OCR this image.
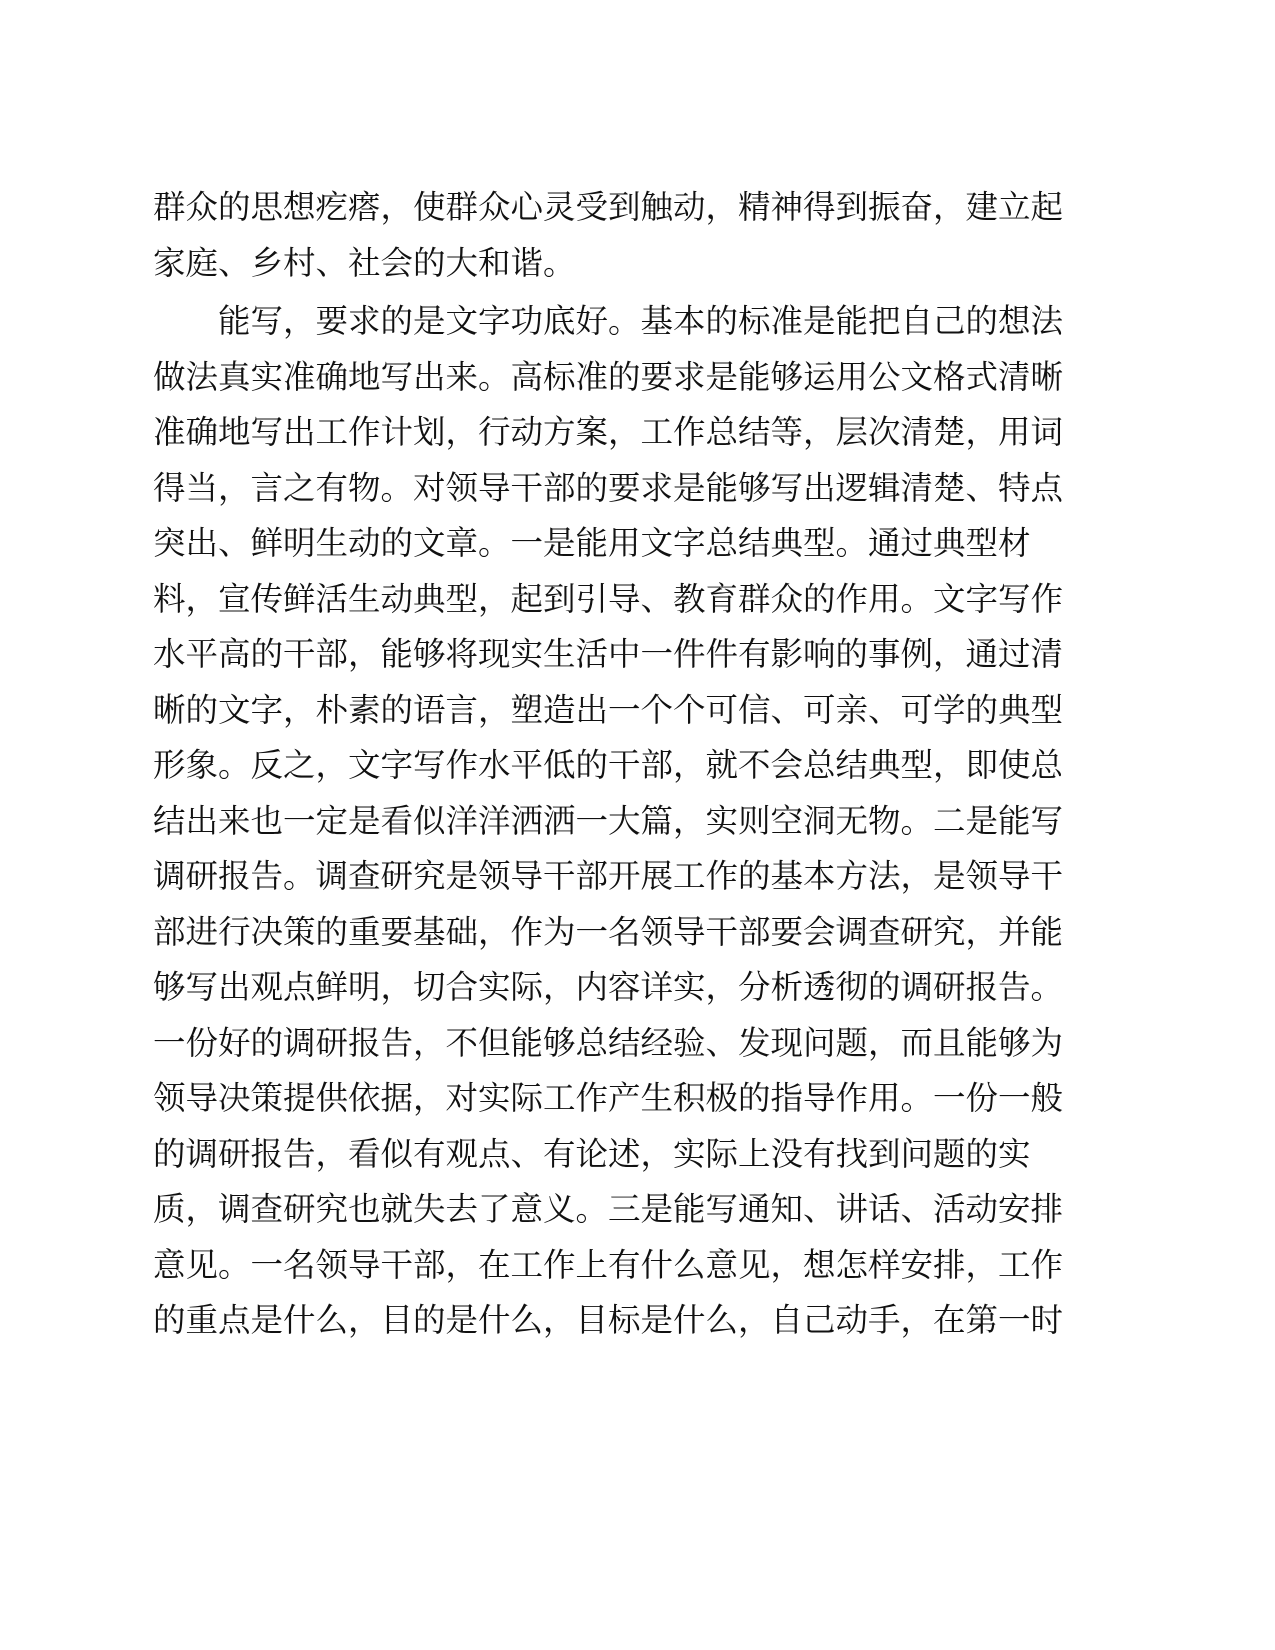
群众的思想疙瘩，使群众心灵受到触动，精神得到振奋，建立起
家庭、乡村、社会的大和谐。
　　能写，要求的是文字功底好。基本的标准是能把自己的想法
做法真实准确地写出来。高标准的要求是能够运用公文格式清晰
准确地写出工作计划，行动方案，工作总结等，层次清楚，用词
得当，言之有物。对领导干部的要求是能够写出逻辑清楚、特点
突出、鲜明生动的文章。一是能用文字总结典型。通过典型材
料，宣传鲜活生动典型，起到引导、教育群众的作用。文字写作
水平高的干部，能够将现实生活中一件件有影响的事例，通过清
晰的文字，朴素的语言，塑造出一个个可信、可亲、可学的典型
形象。反之，文字写作水平低的干部，就不会总结典型，即使总
结出来也一定是看似洋洋洒洒一大篇，实则空洞无物。二是能写
调研报告。调查研究是领导干部开展工作的基本方法，是领导干
部进行决策的重要基础，作为一名领导干部要会调查研究，并能
够写出观点鲜明，切合实际，内容详实，分析透彻的调研报告。
一份好的调研报告，不但能够总结经验、发现问题，而且能够为
领导决策提供依据，对实际工作产生积极的指导作用。一份一般
的调研报告，看似有观点、有论述，实际上没有找到问题的实
质，调查研究也就失去了意义。三是能写通知、讲话、活动安排
意见。一名领导干部，在工作上有什么意见，想怎样安排，工作
的重点是什么，目的是什么，目标是什么，自己动手，在第一时
